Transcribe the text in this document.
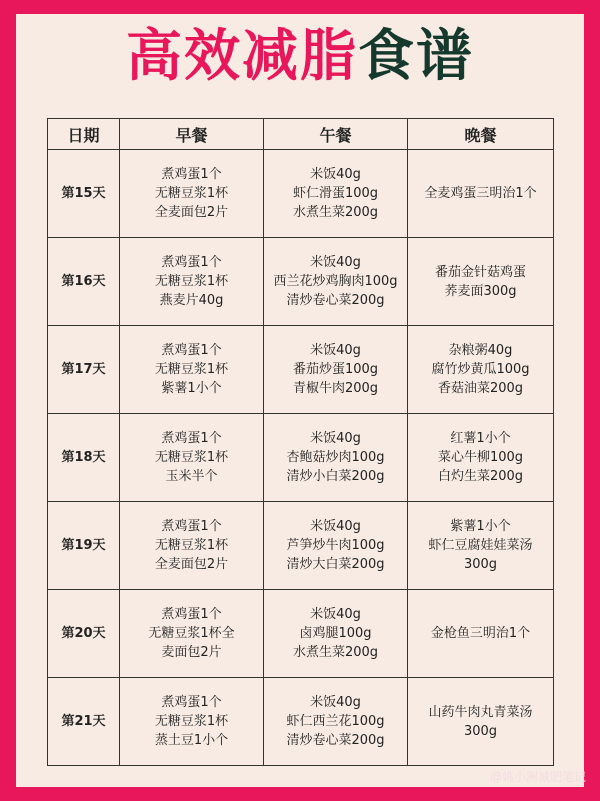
高效减脂食谱
日期	早餐	午餐	晚餐
第15天	煮鸡蛋1个
无糖豆浆1杯
全麦面包2片	米饭40g
虾仁滑蛋100g
水煮生菜200g	全麦鸡蛋三明治1个

第16天	煮鸡蛋1个
无糖豆浆1杯
燕麦片40g	米饭40g
西兰花炒鸡胸肉100g
清炒卷心菜200g	番茄金针菇鸡蛋
荞麦面300g

第17天	煮鸡蛋1个
无糖豆浆1杯
紫薯1小个	米饭40g
番茄炒蛋100g
青椒牛肉200g	杂粮粥40g
腐竹炒黄瓜100g
香菇油菜200g

第18天	煮鸡蛋1个
无糖豆浆1杯
玉米半个	米饭40g
杏鲍菇炒肉100g
清炒小白菜200g	红薯1小个
菜心牛柳100g
白灼生菜200g

第19天	煮鸡蛋1个
无糖豆浆1杯
全麦面包2片	米饭40g
芦笋炒牛肉100g
清炒大白菜200g	紫薯1小个
虾仁豆腐娃娃菜汤
300g

第20天	煮鸡蛋1个
无糖豆浆1杯全
麦面包2片	米饭40g
卤鸡腿100g
水煮生菜200g	金枪鱼三明治1个

第21天	煮鸡蛋1个
无糖豆浆1杯
蒸土豆1小个	米饭40g
虾仁西兰花100g
清炒卷心菜200g	山药牛肉丸青菜汤
300g
@姚小洲减肥笔记
